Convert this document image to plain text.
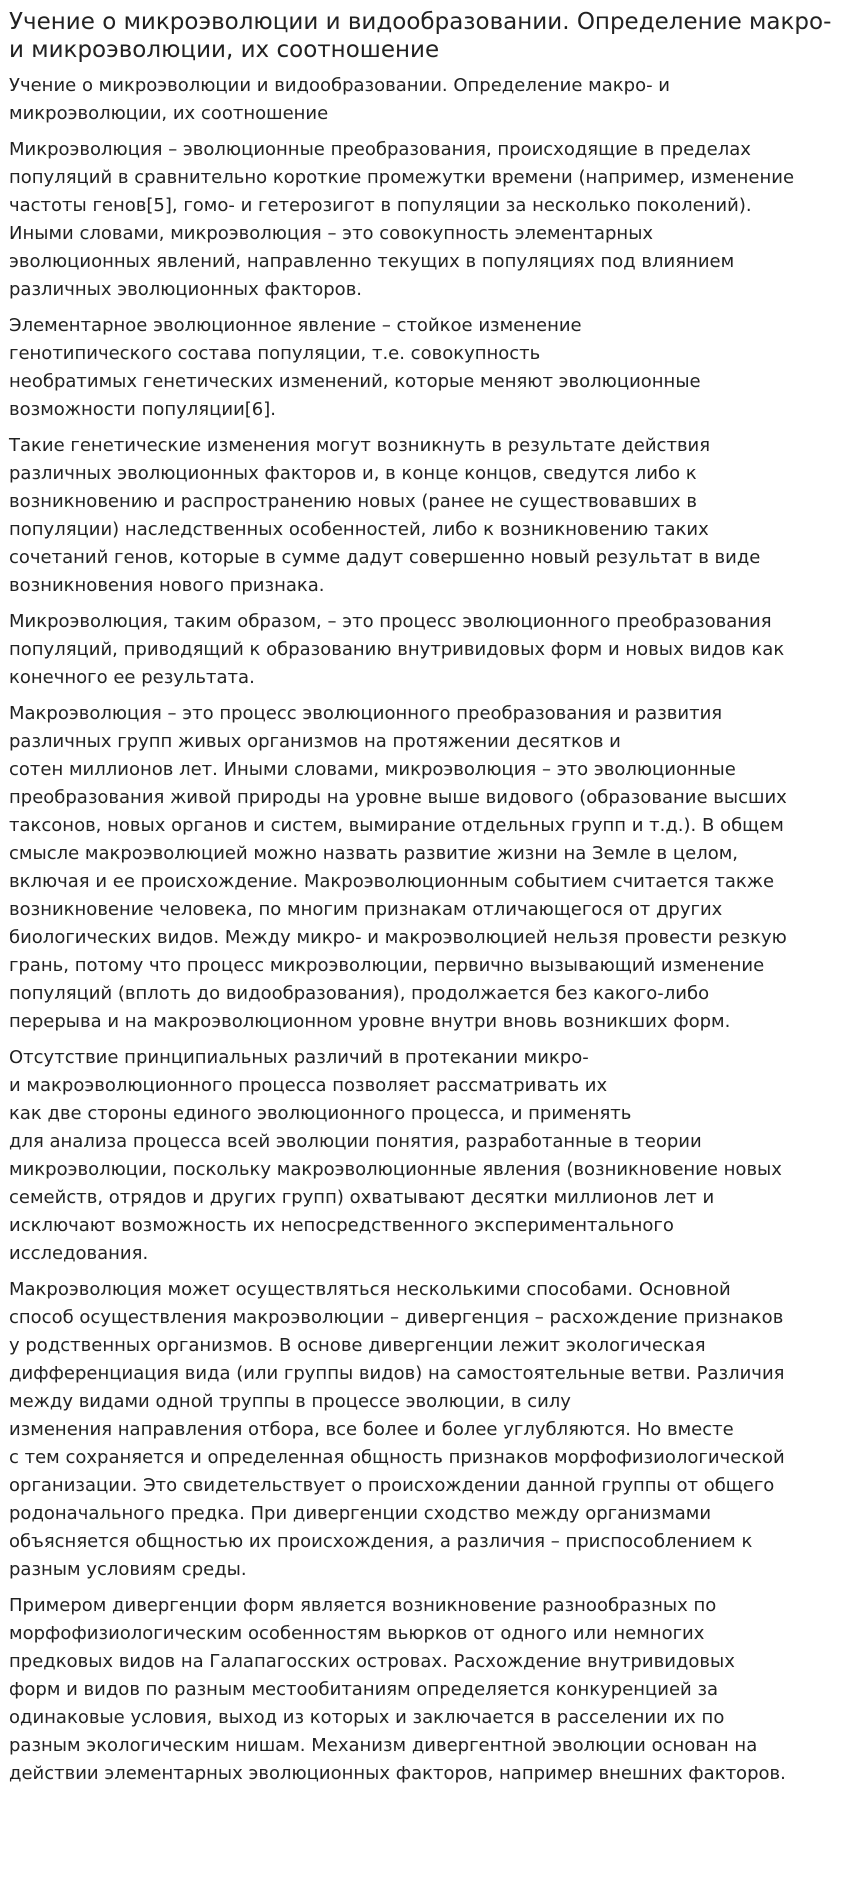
Учение о микроэволюции и видообразовании. Определение макро- и микроэволюции, их соотношение

Учение о микроэволюции и видообразовании. Определение макро- и
микроэволюции, их соотношение

Микроэволюция – эволюционные преобразования, происходящие в пределах
популяций в сравнительно короткие промежутки времени (например, изменение
частоты генов[5], гомо- и гетерозигот в популяции за несколько поколений).
Иными словами, микроэволюция – это совокупность элементарных
эволюционных явлений, направленно текущих в популяциях под влиянием
различных эволюционных факторов.

Элементарное эволюционное явление – стойкое изменение
генотипического состава популяции, т.е. совокупность
необратимых генетических изменений, которые меняют эволюционные
возможности популяции[6].

Такие генетические изменения могут возникнуть в результате действия
различных эволюционных факторов и, в конце концов, сведутся либо к
возникновению и распространению новых (ранее не существовавших в
популяции) наследственных особенностей, либо к возникновению таких
сочетаний генов, которые в сумме дадут совершенно новый результат в виде
возникновения нового признака.

Микроэволюция, таким образом, – это процесс эволюционного преобразования
популяций, приводящий к образованию внутривидовых форм и новых видов как
конечного ее результата.

Макроэволюция – это процесс эволюционного преобразования и развития
различных групп живых организмов на протяжении десятков и
сотен миллионов лет. Иными словами, микроэволюция – это эволюционные
преобразования живой природы на уровне выше видового (образование высших
таксонов, новых органов и систем, вымирание отдельных групп и т.д.). В общем
смысле макроэволюцией можно назвать развитие жизни на Земле в целом,
включая и ее происхождение. Макроэволюционным событием считается также
возникновение человека, по многим признакам отличающегося от других
биологических видов. Между микро- и макроэволюцией нельзя провести резкую
грань, потому что процесс микроэволюции, первично вызывающий изменение
популяций (вплоть до видообразования), продолжается без какого-либо
перерыва и на макроэволюционном уровне внутри вновь возникших форм.

Отсутствие принципиальных различий в протекании микро-
и макроэволюционного процесса позволяет рассматривать их
как две стороны единого эволюционного процесса, и применять
для анализа процесса всей эволюции понятия, разработанные в теории
микроэволюции, поскольку макроэволюционные явления (возникновение новых
семейств, отрядов и других групп) охватывают десятки миллионов лет и
исключают возможность их непосредственного экспериментального
исследования.

Макроэволюция может осуществляться несколькими способами. Основной
способ осуществления макроэволюции – дивергенция – расхождение признаков
у родственных организмов. В основе дивергенции лежит экологическая
дифференциация вида (или группы видов) на самостоятельные ветви. Различия
между видами одной труппы в процессе эволюции, в силу
изменения направления отбора, все более и более углубляются. Но вместе
с тем сохраняется и определенная общность признаков морфофизиологической
организации. Это свидетельствует о происхождении данной группы от общего
родоначального предка. При дивергенции сходство между организмами
объясняется общностью их происхождения, а различия – приспособлением к
разным условиям среды.

Примером дивергенции форм является возникновение разнообразных по
морфофизиологическим особенностям вьюрков от одного или немногих
предковых видов на Галапагосских островах. Расхождение внутривидовых
форм и видов по разным местообитаниям определяется конкуренцией за
одинаковые условия, выход из которых и заключается в расселении их по
разным экологическим нишам. Механизм дивергентной эволюции основан на
действии элементарных эволюционных факторов, например внешних факторов.
